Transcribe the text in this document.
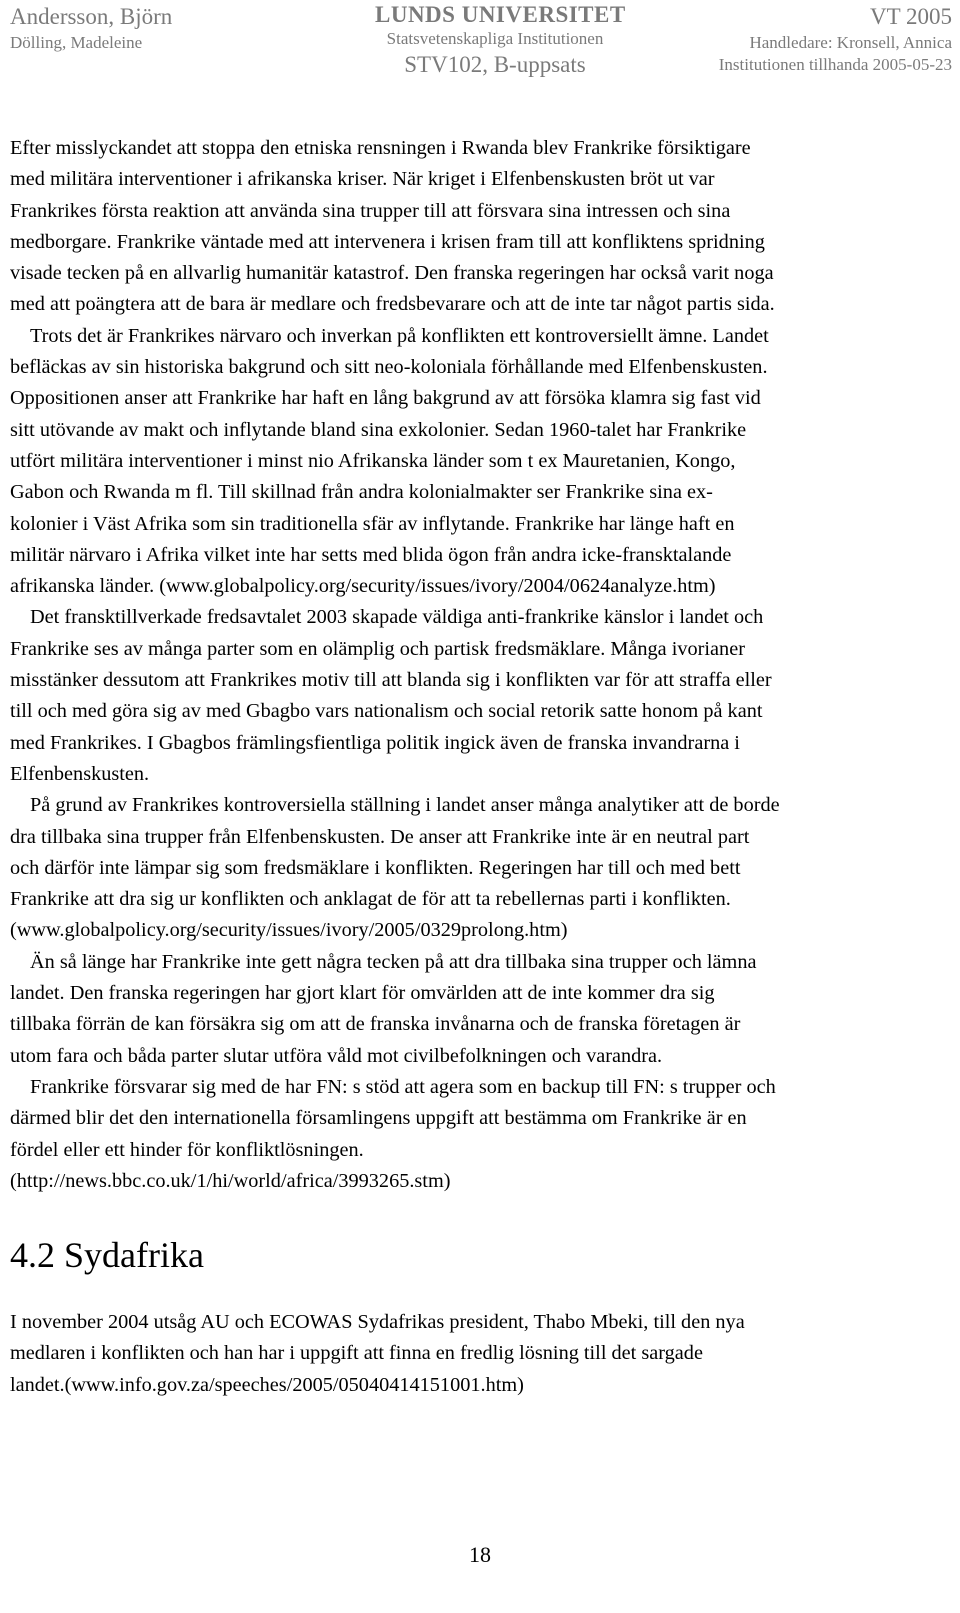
Andersson, Björn
Dölling, Madeleine
LUNDS UNIVERSITET
Statsvetenskapliga Institutionen
STV102, B-uppsats
VT 2005
Handledare: Kronsell, Annica
Institutionen tillhanda 2005-05-23

Efter misslyckandet att stoppa den etniska rensningen i Rwanda blev Frankrike försiktigare
med militära interventioner i afrikanska kriser. När kriget i Elfenbenskusten bröt ut var
Frankrikes första reaktion att använda sina trupper till att försvara sina intressen och sina
medborgare. Frankrike väntade med att intervenera i krisen fram till att konfliktens spridning
visade tecken på en allvarlig humanitär katastrof. Den franska regeringen har också varit noga
med att poängtera att de bara är medlare och fredsbevarare och att de inte tar något partis sida.
Trots det är Frankrikes närvaro och inverkan på konflikten ett kontroversiellt ämne. Landet
befläckas av sin historiska bakgrund och sitt neo-koloniala förhållande med Elfenbenskusten.
Oppositionen anser att Frankrike har haft en lång bakgrund av att försöka klamra sig fast vid
sitt utövande av makt och inflytande bland sina exkolonier. Sedan 1960-talet har Frankrike
utfört militära interventioner i minst nio Afrikanska länder som t ex Mauretanien, Kongo,
Gabon och Rwanda m fl. Till skillnad från andra kolonialmakter ser Frankrike sina ex-
kolonier i Väst Afrika som sin traditionella sfär av inflytande. Frankrike har länge haft en
militär närvaro i Afrika vilket inte har setts med blida ögon från andra icke-fransktalande
afrikanska länder. (www.globalpolicy.org/security/issues/ivory/2004/0624analyze.htm)

Det fransktillverkade fredsavtalet 2003 skapade väldiga anti-frankrike känslor i landet och
Frankrike ses av många parter som en olämplig och partisk fredsmäklare. Många ivorianer
misstänker dessutom att Frankrikes motiv till att blanda sig i konflikten var för att straffa eller
till och med göra sig av med Gbagbo vars nationalism och social retorik satte honom på kant
med Frankrikes. I Gbagbos främlingsfientliga politik ingick även de franska invandrarna i
Elfenbenskusten.

På grund av Frankrikes kontroversiella ställning i landet anser många analytiker att de borde
dra tillbaka sina trupper från Elfenbenskusten. De anser att Frankrike inte är en neutral part
och därför inte lämpar sig som fredsmäklare i konflikten. Regeringen har till och med bett
Frankrike att dra sig ur konflikten och anklagat de för att ta rebellernas parti i konflikten.
(www.globalpolicy.org/security/issues/ivory/2005/0329prolong.htm)

Än så länge har Frankrike inte gett några tecken på att dra tillbaka sina trupper och lämna
landet. Den franska regeringen har gjort klart för omvärlden att de inte kommer dra sig
tillbaka förrän de kan försäkra sig om att de franska invånarna och de franska företagen är
utom fara och båda parter slutar utföra våld mot civilbefolkningen och varandra.

Frankrike försvarar sig med de har FN: s stöd att agera som en backup till FN: s trupper och
därmed blir det den internationella församlingens uppgift att bestämma om Frankrike är en
fördel eller ett hinder för konfliktlösningen.
(http://news.bbc.co.uk/1/hi/world/africa/3993265.stm)

4.2 Sydafrika

I november 2004 utsåg AU och ECOWAS Sydafrikas president, Thabo Mbeki, till den nya
medlaren i konflikten och han har i uppgift att finna en fredlig lösning till det sargade
landet.(www.info.gov.za/speeches/2005/05040414151001.htm)

18
